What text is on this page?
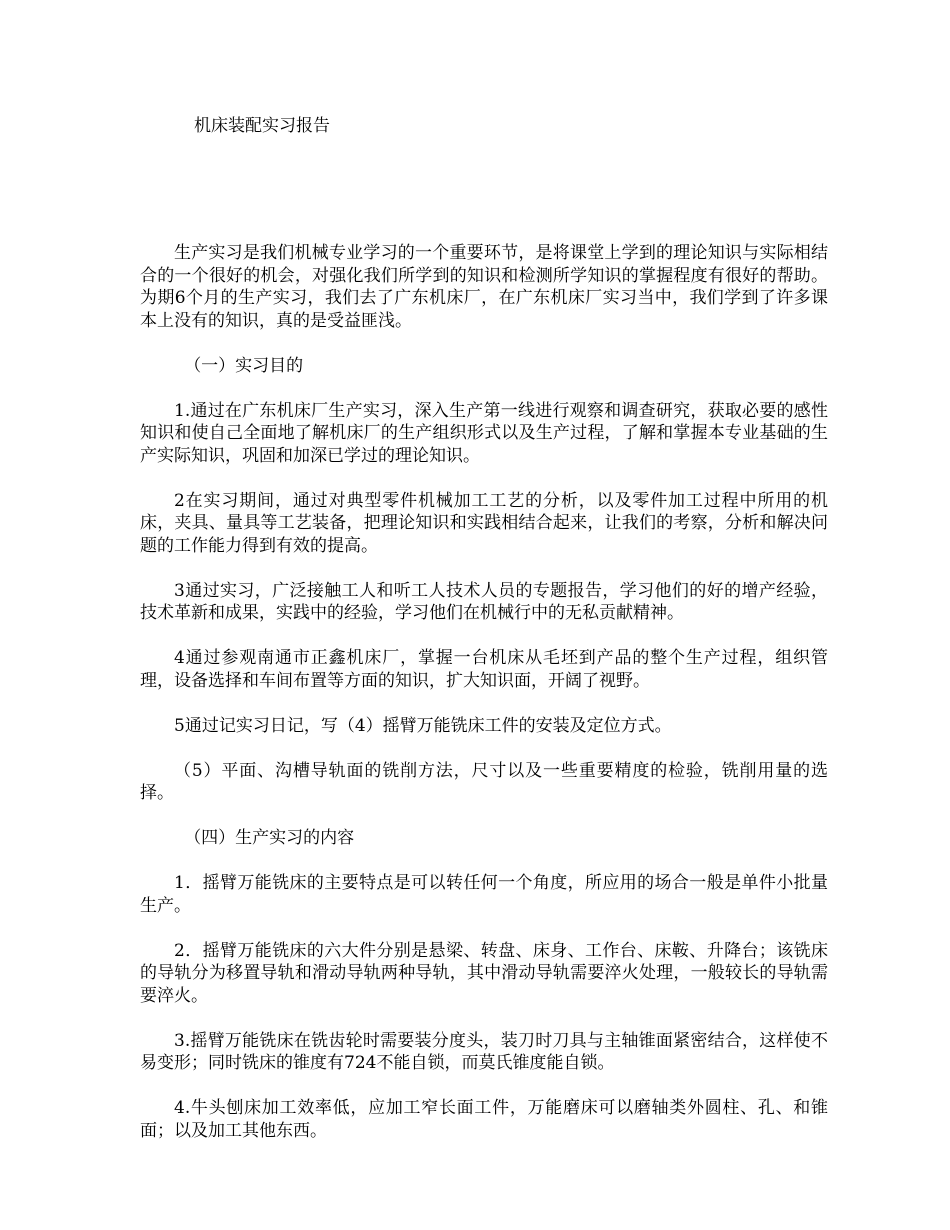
机床装配实习报告

生产实习是我们机械专业学习的一个重要环节，是将课堂上学到的理论知识与实际相结合的一个很好的机会，对强化我们所学到的知识和检测所学知识的掌握程度有很好的帮助。为期6个月的生产实习，我们去了广东机床厂，在广东机床厂实习当中，我们学到了许多课本上没有的知识，真的是受益匪浅。

（一）实习目的

1.通过在广东机床厂生产实习，深入生产第一线进行观察和调查研究，获取必要的感性知识和使自己全面地了解机床厂的生产组织形式以及生产过程，了解和掌握本专业基础的生产实际知识，巩固和加深已学过的理论知识。

2在实习期间，通过对典型零件机械加工工艺的分析，以及零件加工过程中所用的机床，夹具、量具等工艺装备，把理论知识和实践相结合起来，让我们的考察，分析和解决问题的工作能力得到有效的提高。

3通过实习，广泛接触工人和听工人技术人员的专题报告，学习他们的好的增产经验，技术革新和成果，实践中的经验，学习他们在机械行中的无私贡献精神。

4通过参观南通市正鑫机床厂，掌握一台机床从毛坯到产品的整个生产过程，组织管理，设备选择和车间布置等方面的知识，扩大知识面，开阔了视野。

5通过记实习日记，写（4）摇臂万能铣床工件的安装及定位方式。

（5）平面、沟槽导轨面的铣削方法，尺寸以及一些重要精度的检验，铣削用量的选择。

（四）生产实习的内容

1．摇臂万能铣床的主要特点是可以转任何一个角度，所应用的场合一般是单件小批量生产。

2．摇臂万能铣床的六大件分别是悬梁、转盘、床身、工作台、床鞍、升降台；该铣床的导轨分为移置导轨和滑动导轨两种导轨，其中滑动导轨需要淬火处理，一般较长的导轨需要淬火。

3.摇臂万能铣床在铣齿轮时需要装分度头，装刀时刀具与主轴锥面紧密结合，这样使不易变形；同时铣床的锥度有724不能自锁，而莫氏锥度能自锁。

4.牛头刨床加工效率低，应加工窄长面工件，万能磨床可以磨轴类外圆柱、孔、和锥面；以及加工其他东西。
